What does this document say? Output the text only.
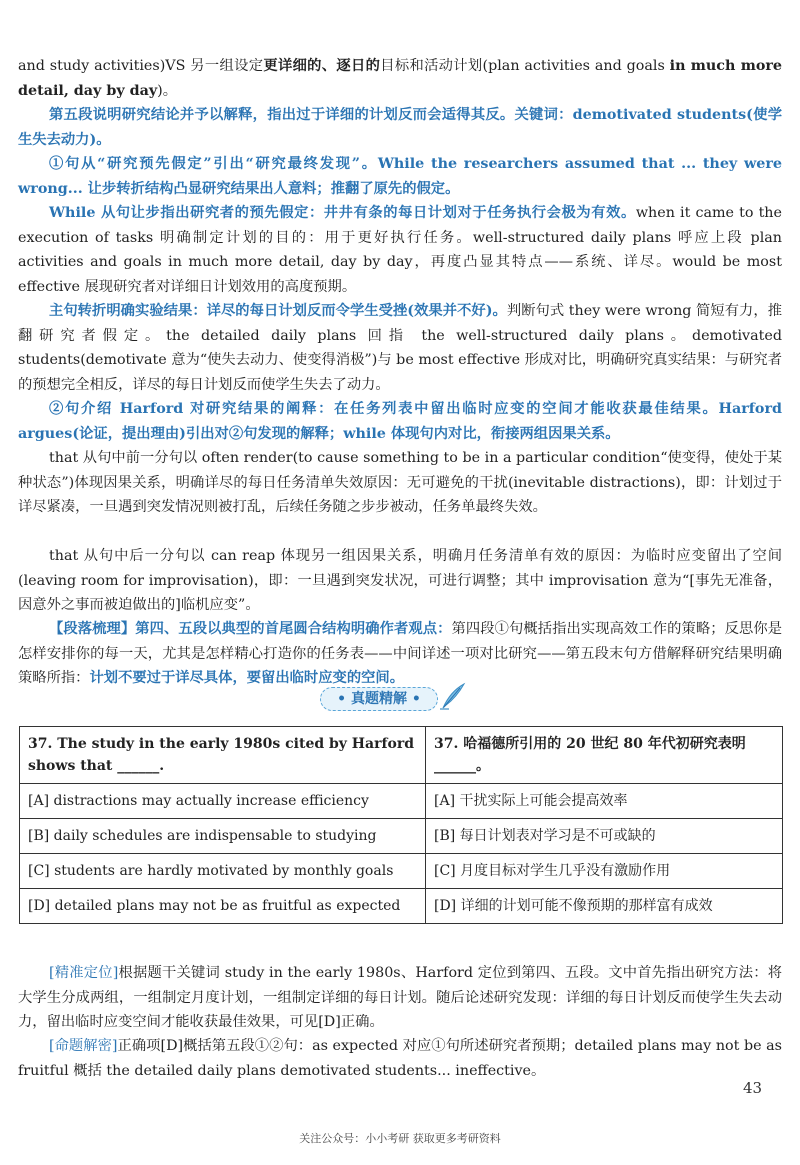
and study activities)VS 另一组设定更详细的、逐日的目标和活动计划(plan activities and goals in much more detail, day by day)。

第五段说明研究结论并予以解释，指出过于详细的计划反而会适得其反。关键词：demotivated students(使学生失去动力)。

①句从“研究预先假定”引出“研究最终发现”。While the researchers assumed that ... they were wrong... 让步转折结构凸显研究结果出人意料；推翻了原先的假定。

While 从句让步指出研究者的预先假定：井井有条的每日计划对于任务执行会极为有效。when it came to the execution of tasks 明确制定计划的目的：用于更好执行任务。well-structured daily plans 呼应上段 plan activities and goals in much more detail, day by day，再度凸显其特点——系统、详尽。would be most effective 展现研究者对详细日计划效用的高度预期。

主句转折明确实验结果：详尽的每日计划反而令学生受挫(效果并不好)。判断句式 they were wrong 简短有力，推翻研究者假定。the detailed daily plans 回指 the well-structured daily plans。demotivated students(demotivate 意为“使失去动力、使变得消极”)与 be most effective 形成对比，明确研究真实结果：与研究者的预想完全相反，详尽的每日计划反而使学生失去了动力。

②句介绍 Harford 对研究结果的阐释：在任务列表中留出临时应变的空间才能收获最佳结果。Harford argues(论证，提出理由)引出对②句发现的解释；while 体现句内对比，衔接两组因果关系。

that 从句中前一分句以 often render(to cause something to be in a particular condition“使变得，使处于某种状态”)体现因果关系，明确详尽的每日任务清单失效原因：无可避免的干扰(inevitable distractions)，即：计划过于详尽紧凑，一旦遇到突发情况则被打乱，后续任务随之步步被动，任务单最终失效。

that 从句中后一分句以 can reap 体现另一组因果关系，明确月任务清单有效的原因：为临时应变留出了空间(leaving room for improvisation)，即：一旦遇到突发状况，可进行调整；其中 improvisation 意为“[事先无准备，因意外之事而被迫做出的]临机应变”。

【段落梳理】第四、五段以典型的首尾圆合结构明确作者观点：第四段①句概括指出实现高效工作的策略；反思你是怎样安排你的每一天，尤其是怎样精心打造你的任务表——中间详述一项对比研究——第五段末句方借解释研究结果明确策略所指：计划不要过于详尽具体，要留出临时应变的空间。

• 真题精解 •
37. The study in the early 1980s cited by Harford shows that ______.	37. 哈福德所引用的 20 世纪 80 年代初研究表明______。
[A] distractions may actually increase efficiency	[A] 干扰实际上可能会提高效率
[B] daily schedules are indispensable to studying	[B] 每日计划表对学习是不可或缺的
[C] students are hardly motivated by monthly goals	[C] 月度目标对学生几乎没有激励作用
[D] detailed plans may not be as fruitful as expected	[D] 详细的计划可能不像预期的那样富有成效

[精准定位]根据题干关键词 study in the early 1980s、Harford 定位到第四、五段。文中首先指出研究方法：将大学生分成两组，一组制定月度计划，一组制定详细的每日计划。随后论述研究发现：详细的每日计划反而使学生失去动力，留出临时应变空间才能收获最佳效果，可见[D]正确。

[命题解密]正确项[D]概括第五段①②句：as expected 对应①句所述研究者预期；detailed plans may not be as fruitful 概括 the detailed daily plans demotivated students... ineffective。

43
关注公众号：小小考研 获取更多考研资料
